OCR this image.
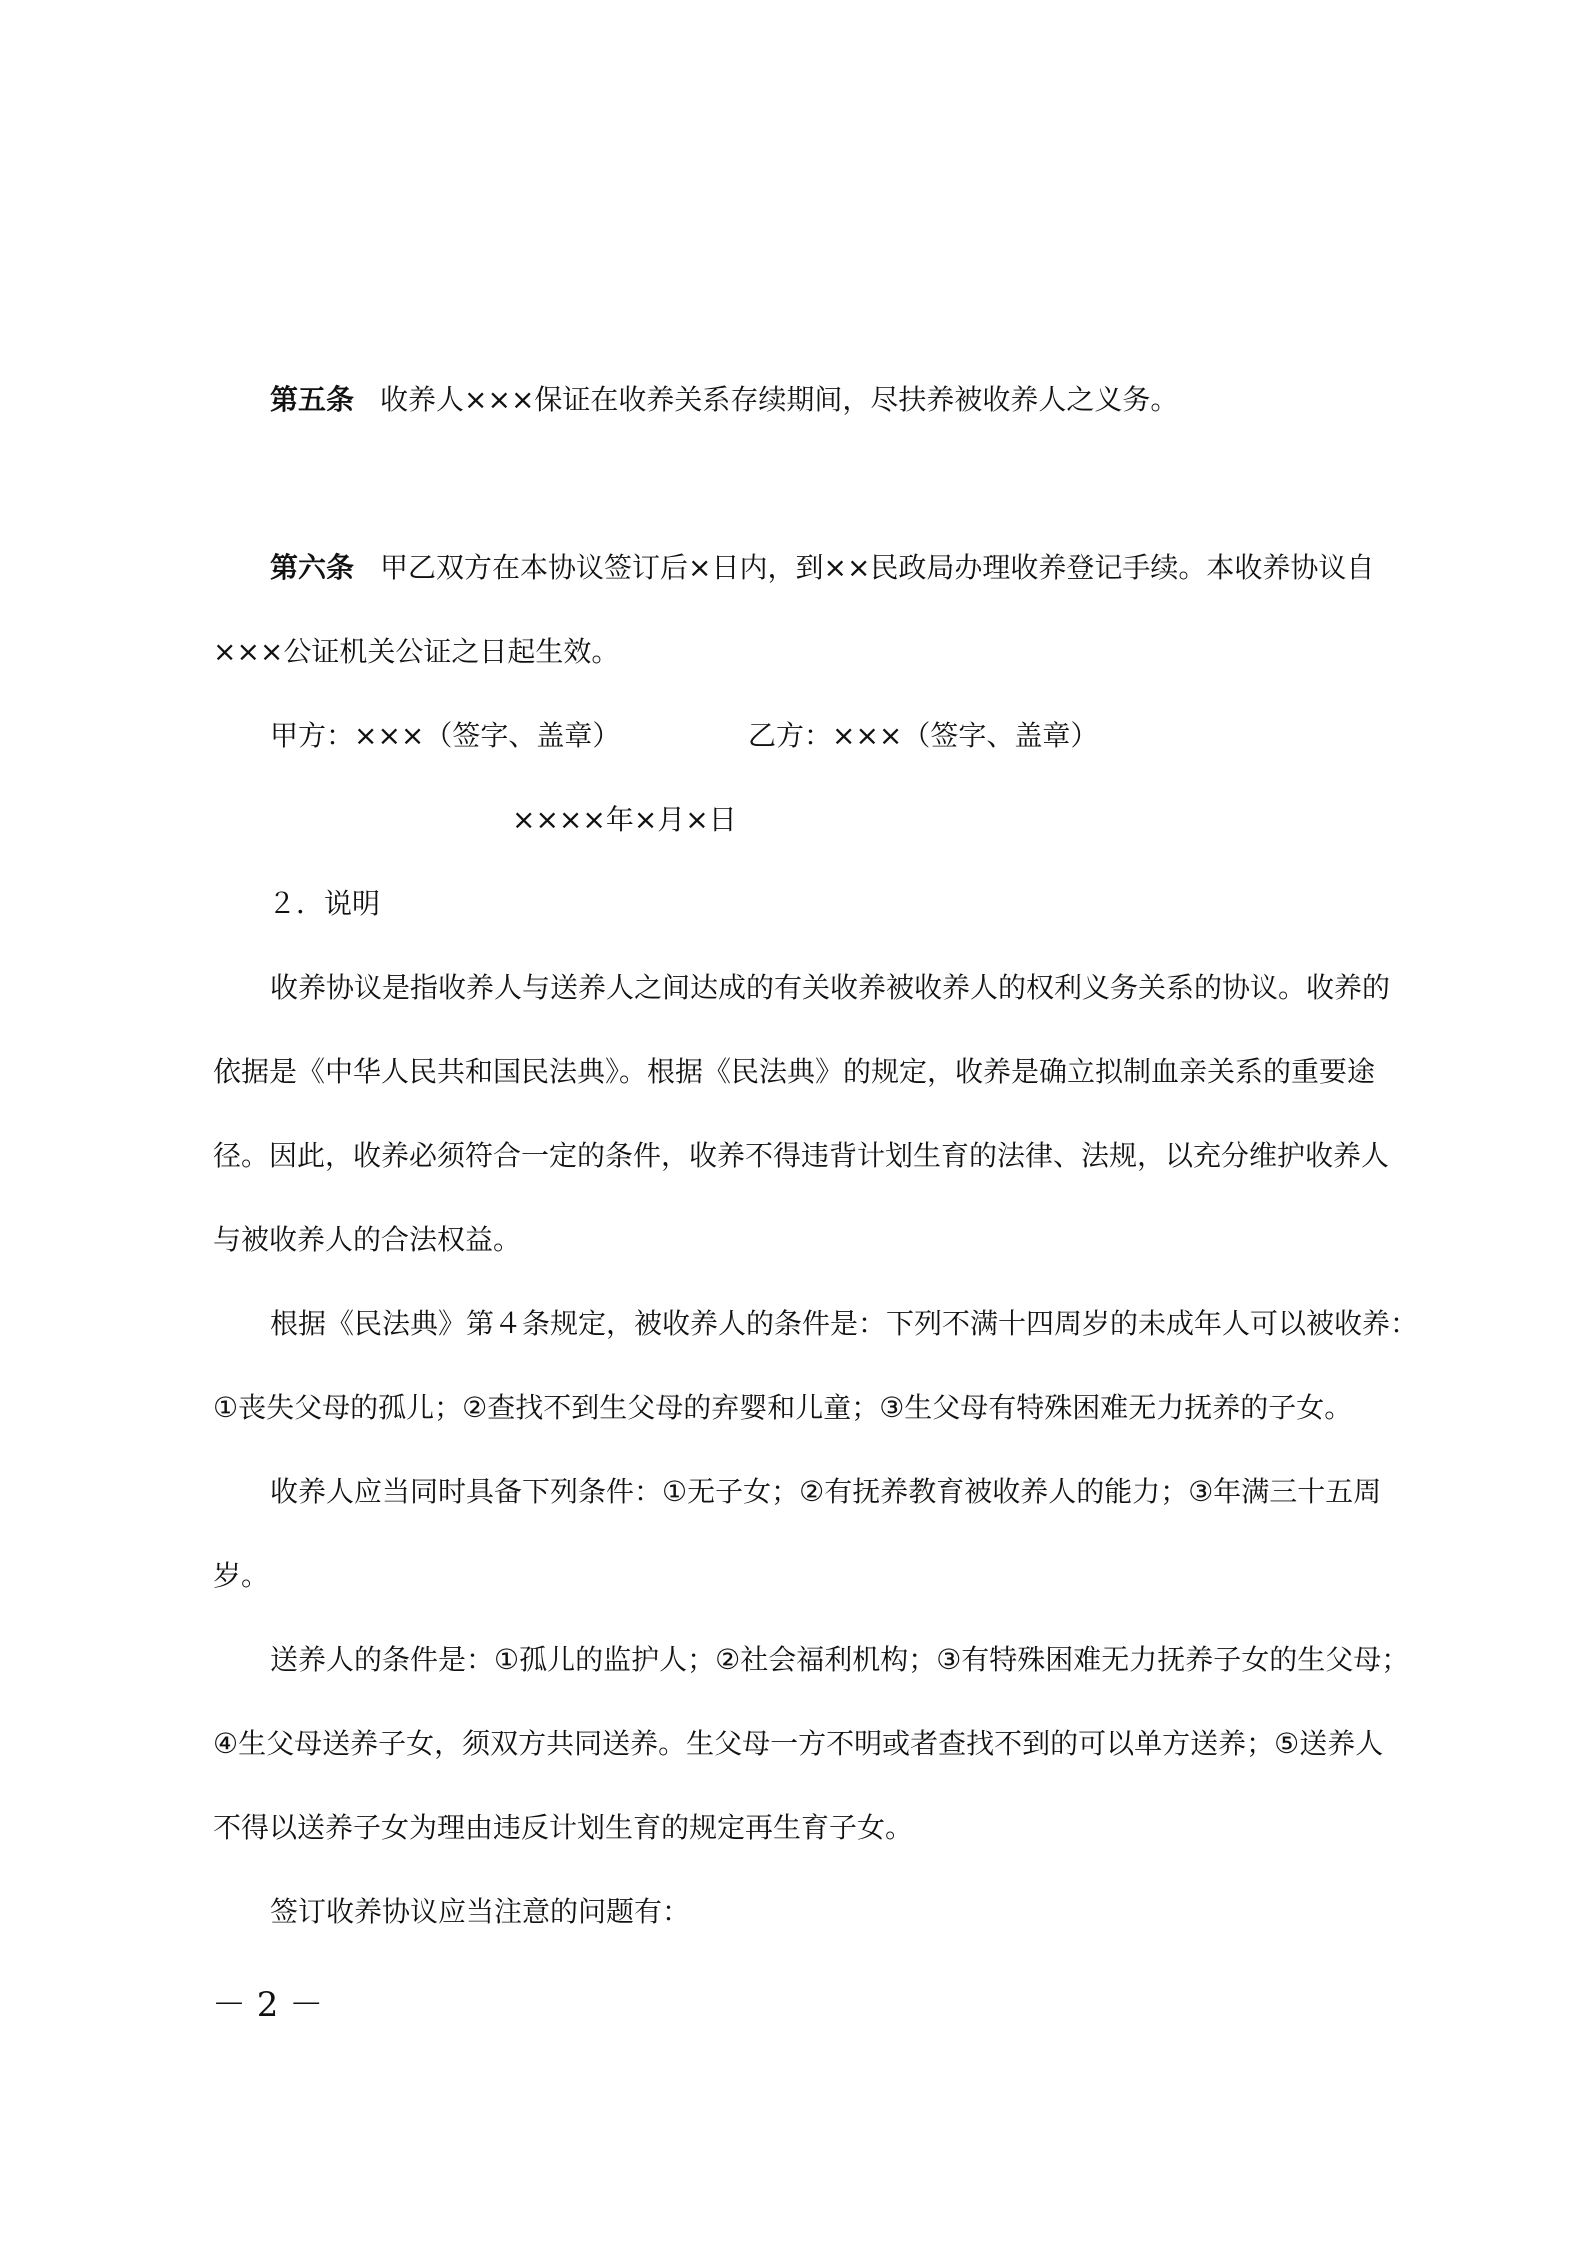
第五条 收养人×××保证在收养关系存续期间，尽扶养被收养人之义务。
第六条 甲乙双方在本协议签订后×日内，到××民政局办理收养登记手续。本收养协议自
×××公证机关公证之日起生效。
甲方：×××（签字、盖章）	乙方：×××（签字、盖章）
××××年×月×日
２．说明
收养协议是指收养人与送养人之间达成的有关收养被收养人的权利义务关系的协议。收养的
依据是《中华人民共和国民法典》。根据《民法典》的规定，收养是确立拟制血亲关系的重要途
径。因此，收养必须符合一定的条件，收养不得违背计划生育的法律、法规，以充分维护收养人
与被收养人的合法权益。
根据《民法典》第４条规定，被收养人的条件是：下列不满十四周岁的未成年人可以被收养：
①丧失父母的孤儿；②查找不到生父母的弃婴和儿童；③生父母有特殊困难无力抚养的子女。
收养人应当同时具备下列条件：①无子女；②有抚养教育被收养人的能力；③年满三十五周
岁。
送养人的条件是：①孤儿的监护人；②社会福利机构；③有特殊困难无力抚养子女的生父母；
④生父母送养子女，须双方共同送养。生父母一方不明或者查找不到的可以单方送养；⑤送养人
不得以送养子女为理由违反计划生育的规定再生育子女。
签订收养协议应当注意的问题有：
－ 2 －
